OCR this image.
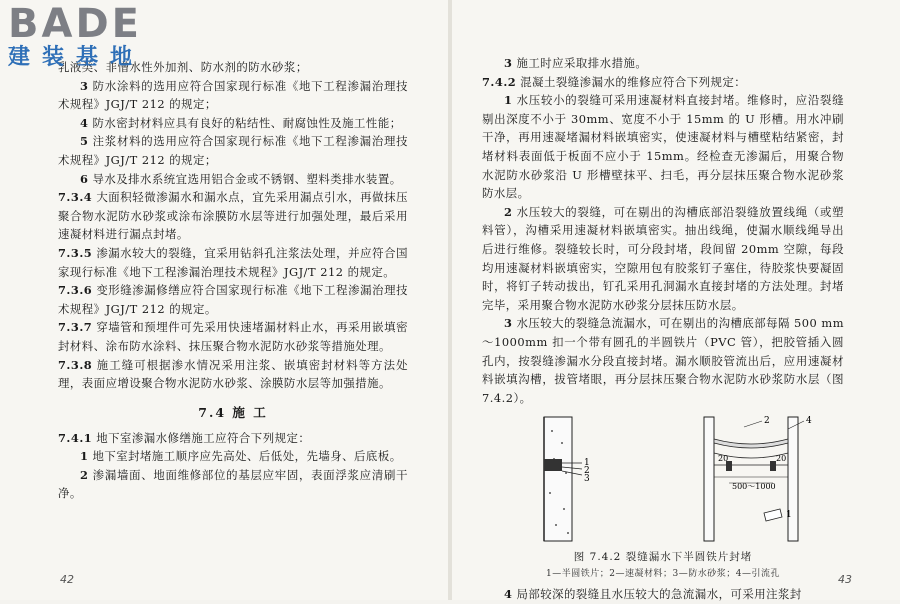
BADE
建装基地

乳液类、非憎水性外加剂、防水剂的防水砂浆；

3 防水涂料的选用应符合国家现行标准《地下工程渗漏治理技术规程》JGJ/T 212 的规定；

4 防水密封材料应具有良好的粘结性、耐腐蚀性及施工性能；

5 注浆材料的选用应符合国家现行标准《地下工程渗漏治理技术规程》JGJ/T 212 的规定；

6 导水及排水系统宜选用铝合金或不锈钢、塑料类排水装置。

7.3.4 大面积轻微渗漏水和漏水点，宜先采用漏点引水，再做抹压聚合物水泥防水砂浆或涂布涂膜防水层等进行加强处理，最后采用速凝材料进行漏点封堵。

7.3.5 渗漏水较大的裂缝，宜采用钻斜孔注浆法处理，并应符合国家现行标准《地下工程渗漏治理技术规程》JGJ/T 212 的规定。

7.3.6 变形缝渗漏修缮应符合国家现行标准《地下工程渗漏治理技术规程》JGJ/T 212 的规定。

7.3.7 穿墙管和预埋件可先采用快速堵漏材料止水，再采用嵌填密封材料、涂布防水涂料、抹压聚合物水泥防水砂浆等措施处理。

7.3.8 施工缝可根据渗水情况采用注浆、嵌填密封材料等方法处理，表面应增设聚合物水泥防水砂浆、涂膜防水层等加强措施。

7.4 施 工

7.4.1 地下室渗漏水修缮施工应符合下列规定：

1 地下室封堵施工顺序应先高处、后低处，先墙身、后底板。

2 渗漏墙面、地面维修部位的基层应牢固，表面浮浆应清刷干净。

42

3 施工时应采取排水措施。

7.4.2 混凝土裂缝渗漏水的维修应符合下列规定：

1 水压较小的裂缝可采用速凝材料直接封堵。维修时，应沿裂缝剔出深度不小于 30mm、宽度不小于 15mm 的 U 形槽。用水冲刷干净，再用速凝堵漏材料嵌填密实，使速凝材料与槽壁粘结紧密，封堵材料表面低于板面不应小于 15mm。经检查无渗漏后，用聚合物水泥防水砂浆沿 U 形槽壁抹平、扫毛，再分层抹压聚合物水泥砂浆防水层。

2 水压较大的裂缝，可在剔出的沟槽底部沿裂缝放置线绳（或塑料管），沟槽采用速凝材料嵌填密实。抽出线绳，使漏水顺线绳导出后进行维修。裂缝较长时，可分段封堵，段间留 20mm 空隙，每段均用速凝材料嵌填密实，空隙用包有胶浆钉子塞住，待胶浆快要凝固时，将钉子转动拔出，钉孔采用孔洞漏水直接封堵的方法处理。封堵完毕，采用聚合物水泥防水砂浆分层抹压防水层。

3 水压较大的裂缝急流漏水，可在剔出的沟槽底部每隔 500 mm～1000mm 扣一个带有圆孔的半圆铁片（PVC 管），把胶管插入圆孔内，按裂缝渗漏水分段直接封堵。漏水顺胶管流出后，应用速凝材料嵌填沟槽，拔管堵眼，再分层抹压聚合物水泥防水砂浆防水层（图 7.4.2）。

1
2
3
20	20
500～1000
2	4
1
图 7.4.2 裂缝漏水下半圆铁片封堵
1—半圆铁片；2—速凝材料；3—防水砂浆；4—引流孔

4 局部较深的裂缝且水压较大的急流漏水，可采用注浆封

43
